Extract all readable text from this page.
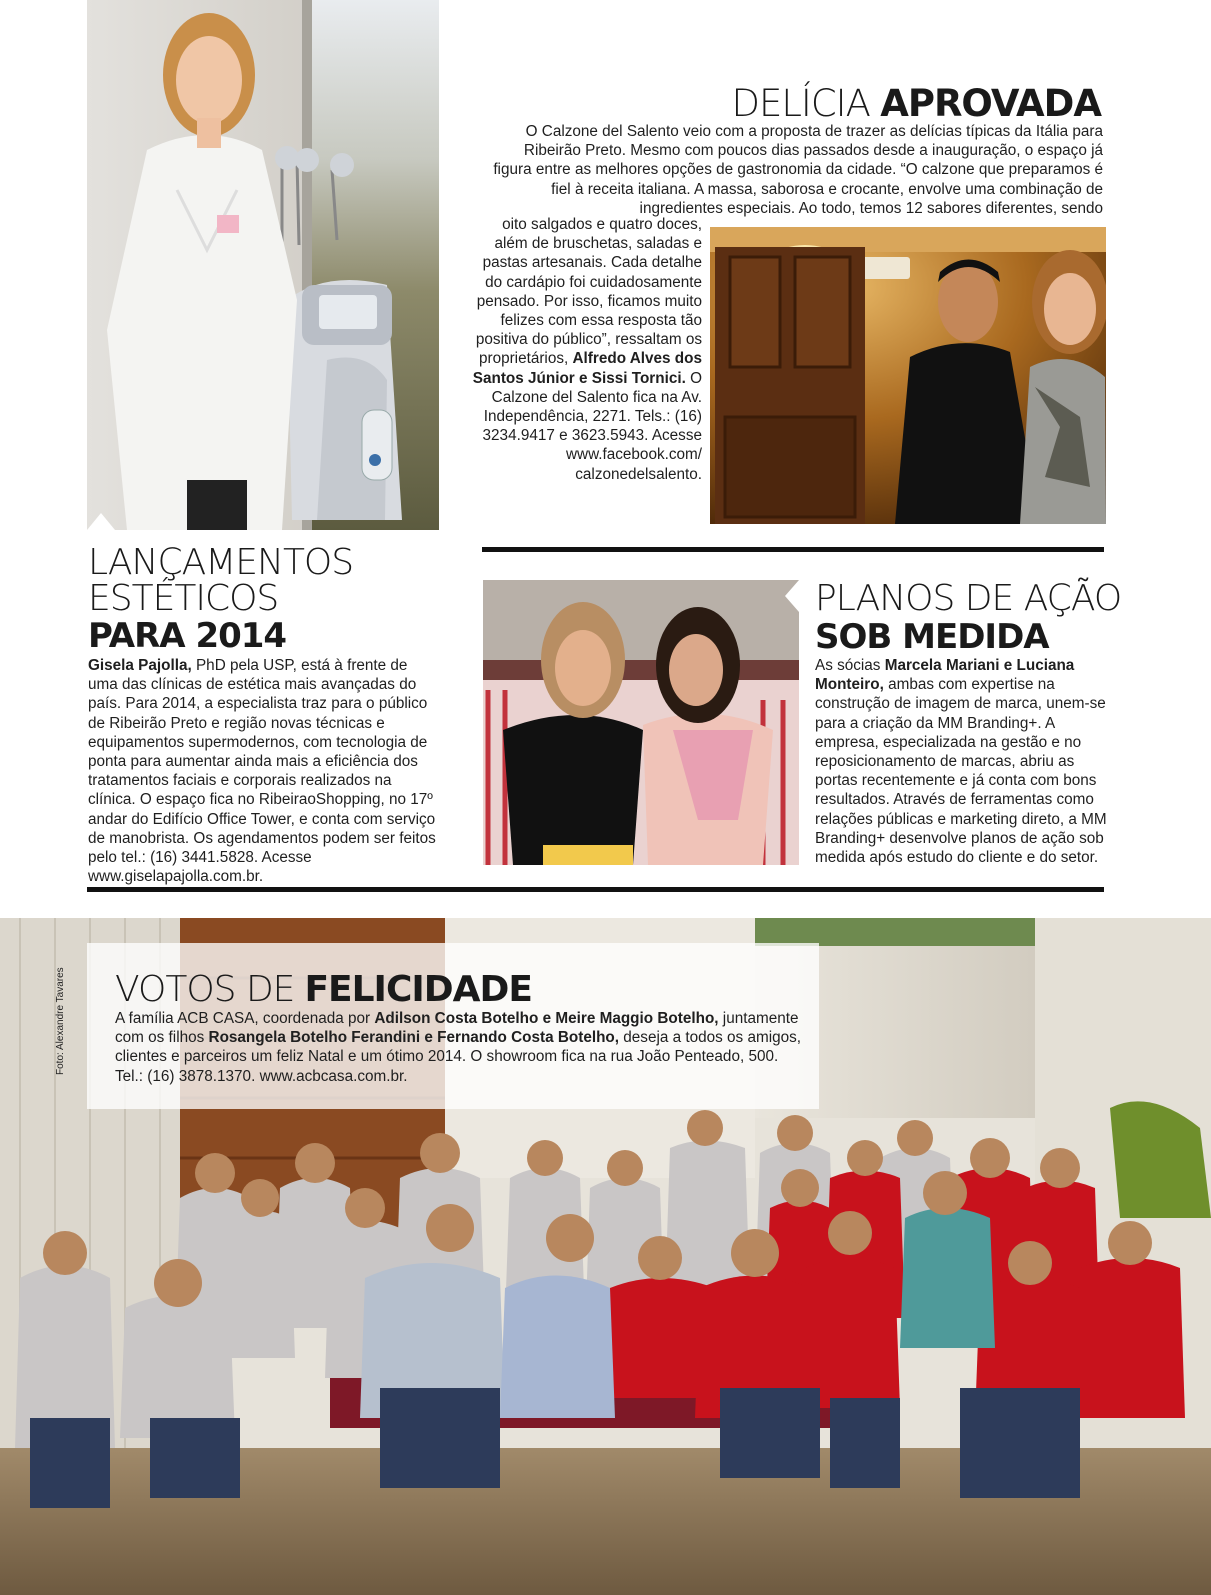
DELÍCIA APROVADA
O Calzone del Salento veio com a proposta de trazer as delícias típicas da Itália para Ribeirão Preto. Mesmo com poucos dias passados desde a inauguração, o espaço já figura entre as melhores opções de gastronomia da cidade. “O calzone que preparamos é fiel à receita italiana. A massa, saborosa e crocante, envolve uma combinação de ingredientes especiais. Ao todo, temos 12 sabores diferentes, sendo
oito salgados e quatro doces, além de bruschetas, saladas e pastas artesanais. Cada detalhe do cardápio foi cuidadosamente pensado. Por isso, ficamos muito felizes com essa resposta tão positiva do público”, ressaltam os proprietários, Alfredo Alves dos Santos Júnior e Sissi Tornici. O Calzone del Salento fica na Av. Independência, 2271. Tels.: (16) 3234.9417 e 3623.5943. Acesse www.facebook.com/ calzonedelsalento.
LANÇAMENTOS
ESTÉTICOS
PARA 2014
Gisela Pajolla, PhD pela USP, está à frente de uma das clínicas de estética mais avançadas do país. Para 2014, a especialista traz para o público de Ribeirão Preto e região novas técnicas e equipamentos supermodernos, com tecnologia de ponta para aumentar ainda mais a eficiência dos tratamentos faciais e corporais realizados na clínica. O espaço fica no RibeiraoShopping, no 17º andar do Edifício Office Tower, e conta com serviço de manobrista. Os agendamentos podem ser feitos pelo tel.: (16) 3441.5828. Acesse www.giselapajolla.com.br.
PLANOS DE AÇÃO
SOB MEDIDA
As sócias Marcela Mariani e Luciana Monteiro, ambas com expertise na construção de imagem de marca, unem-se para a criação da MM Branding+. A empresa, especializada na gestão e no reposicionamento de marcas, abriu as portas recentemente e já conta com bons resultados. Através de ferramentas como relações públicas e marketing direto, a MM Branding+ desenvolve planos de ação sob medida após estudo do cliente e do setor.
VOTOS DE FELICIDADE
A família ACB CASA, coordenada por Adilson Costa Botelho e Meire Maggio Botelho, juntamente com os filhos Rosangela Botelho Ferandini e Fernando Costa Botelho, deseja a todos os amigos, clientes e parceiros um feliz Natal e um ótimo 2014. O showroom fica na rua João Penteado, 500. Tel.: (16) 3878.1370. www.acbcasa.com.br.
Foto: Alexandre Tavares
